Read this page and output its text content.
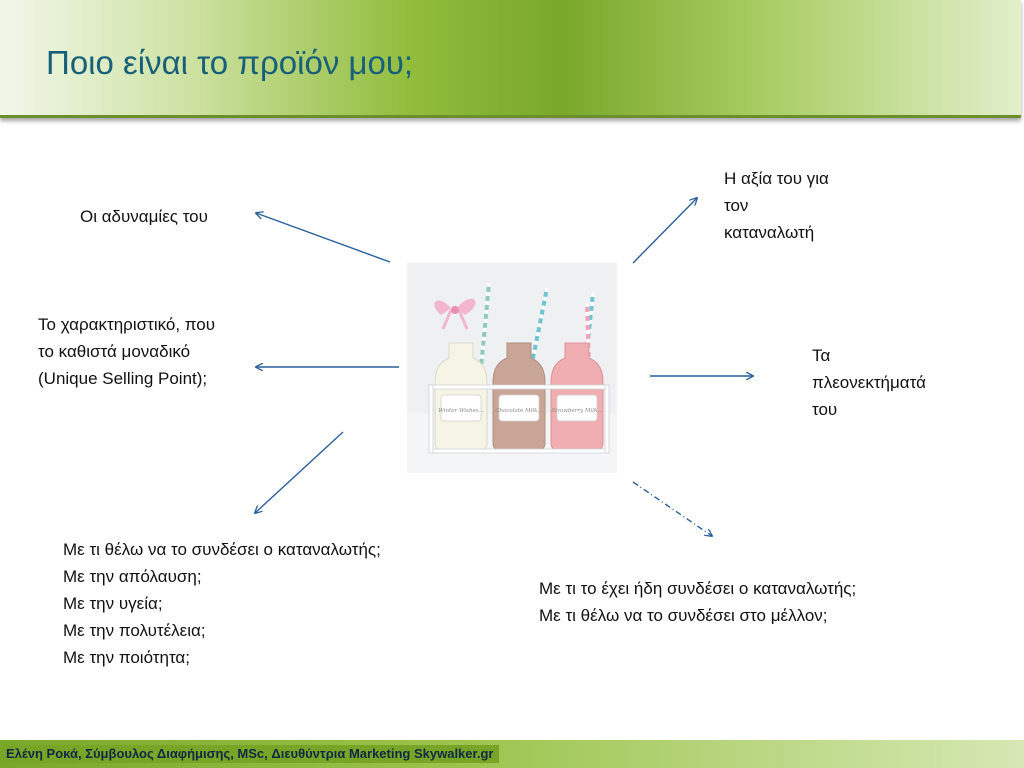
Ποιο είναι το προϊόν μου;
Οι αδυναμίες του
Η αξία του για
τον
καταναλωτή
Το χαρακτηριστικό, που
το καθιστά μοναδικό
(Unique Selling Point);
Τα
πλεονεκτήματά
του
Με τι θέλω να το συνδέσει ο καταναλωτής;
Με την απόλαυση;
Με την υγεία;
Με την πολυτέλεια;
Με την ποιότητα;
Με τι το έχει ήδη συνδέσει ο καταναλωτής;
Με τι θέλω να το συνδέσει στο μέλλον;
Winter Wishes... Chocolate Milk... Strawberry Milk...
Ελένη Ροκά, Σύμβουλος Διαφήμισης, MSc, Διευθύντρια Marketing Skywalker.gr
